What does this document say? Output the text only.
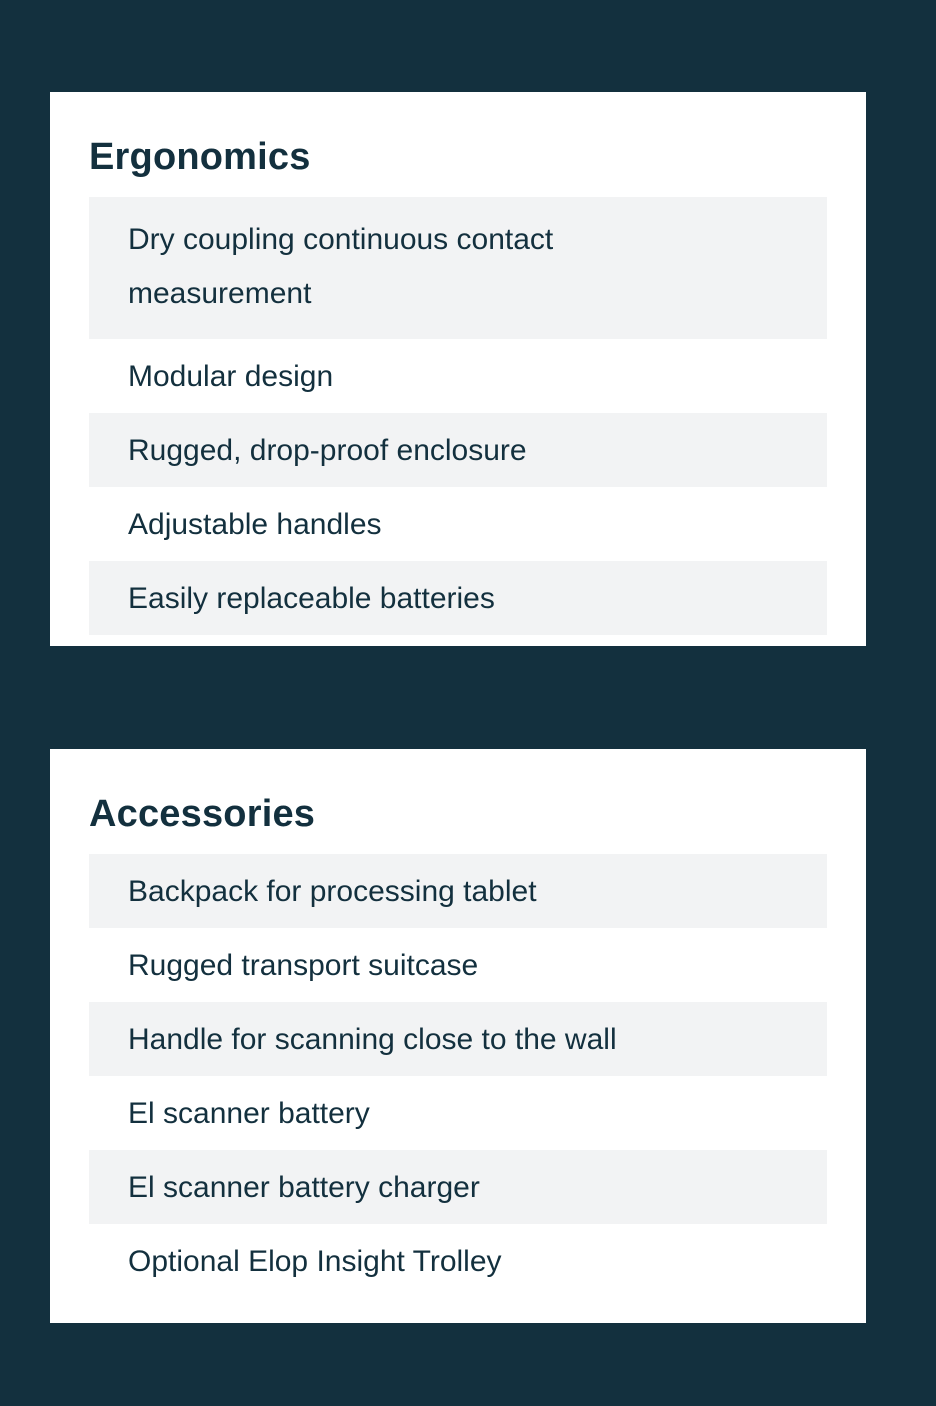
Ergonomics
Dry coupling continuous contact measurement
Modular design
Rugged, drop-proof enclosure
Adjustable handles
Easily replaceable batteries
Accessories
Backpack for processing tablet
Rugged transport suitcase
Handle for scanning close to the wall
El scanner battery
El scanner battery charger
Optional Elop Insight Trolley
